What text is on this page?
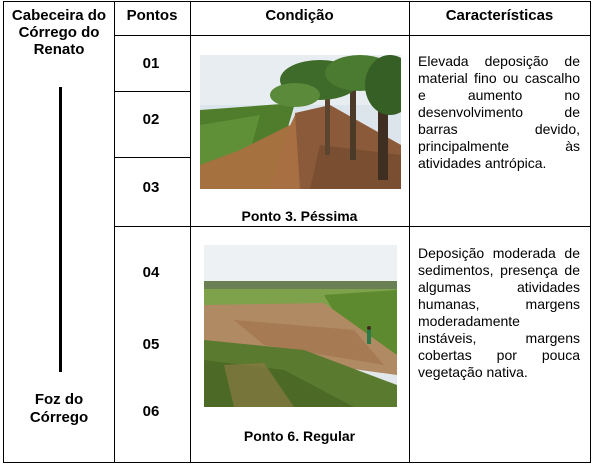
Cabeceira do Córrego do Renato
Pontos	Condição	Características
Foz do Córrego
01
02
03
04
05
06
Ponto 3. Péssima
Elevada deposição de material fino ou cascalho e aumento no desenvolvimento de barras devido, principalmente às atividades antrópica.
Ponto 6. Regular
Deposição moderada de sedimentos, presença de algumas atividades humanas, margens moderadamente instáveis, margens cobertas por pouca vegetação nativa.
